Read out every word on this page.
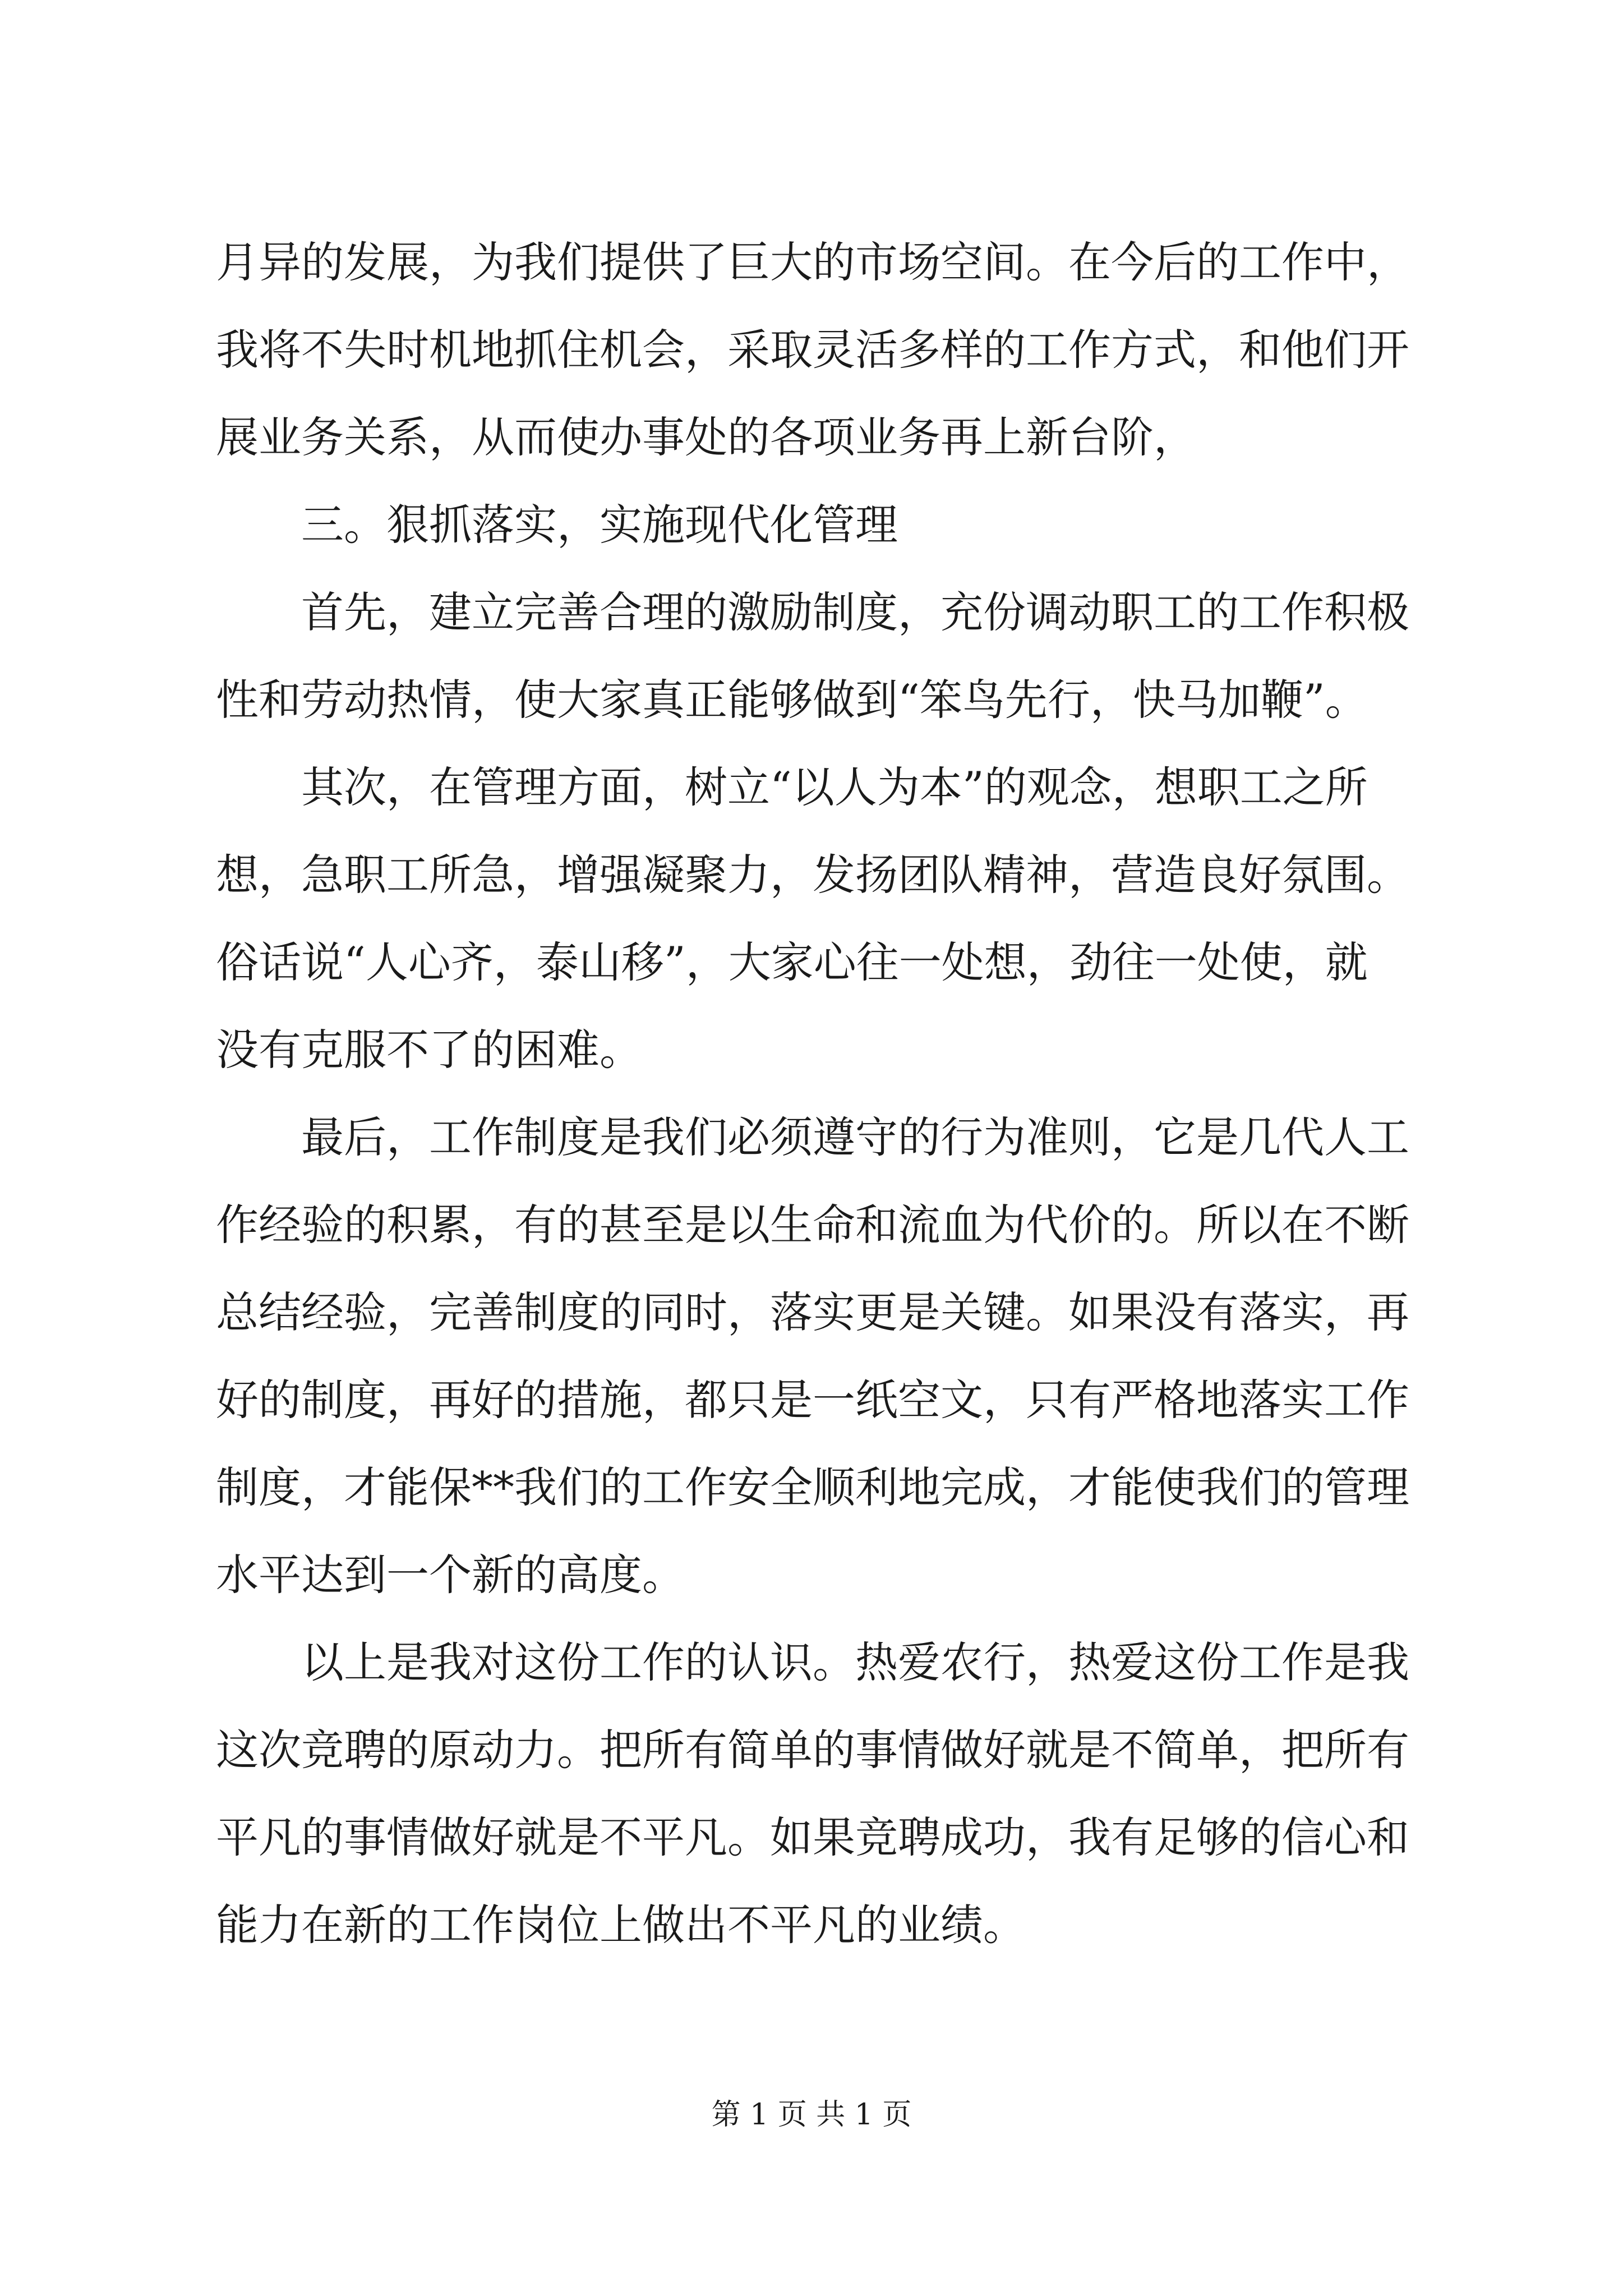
月异的发展，为我们提供了巨大的市场空间。在今后的工作中，
我将不失时机地抓住机会，采取灵活多样的工作方式，和他们开
展业务关系，从而使办事处的各项业务再上新台阶，
三。狠抓落实，实施现代化管理
首先，建立完善合理的激励制度，充份调动职工的工作积极
性和劳动热情，使大家真正能够做到“笨鸟先行，快马加鞭”。
其次，在管理方面，树立“以人为本”的观念，想职工之所
想，急职工所急，增强凝聚力，发扬团队精神，营造良好氛围。
俗话说“人心齐，泰山移”，大家心往一处想，劲往一处使，就
没有克服不了的困难。
最后，工作制度是我们必须遵守的行为准则，它是几代人工
作经验的积累，有的甚至是以生命和流血为代价的。所以在不断
总结经验，完善制度的同时，落实更是关键。如果没有落实，再
好的制度，再好的措施，都只是一纸空文，只有严格地落实工作
制度，才能保**我们的工作安全顺利地完成，才能使我们的管理
水平达到一个新的高度。
以上是我对这份工作的认识。热爱农行，热爱这份工作是我
这次竞聘的原动力。把所有简单的事情做好就是不简单，把所有
平凡的事情做好就是不平凡。如果竞聘成功，我有足够的信心和
能力在新的工作岗位上做出不平凡的业绩。
第 1 页 共 1 页
